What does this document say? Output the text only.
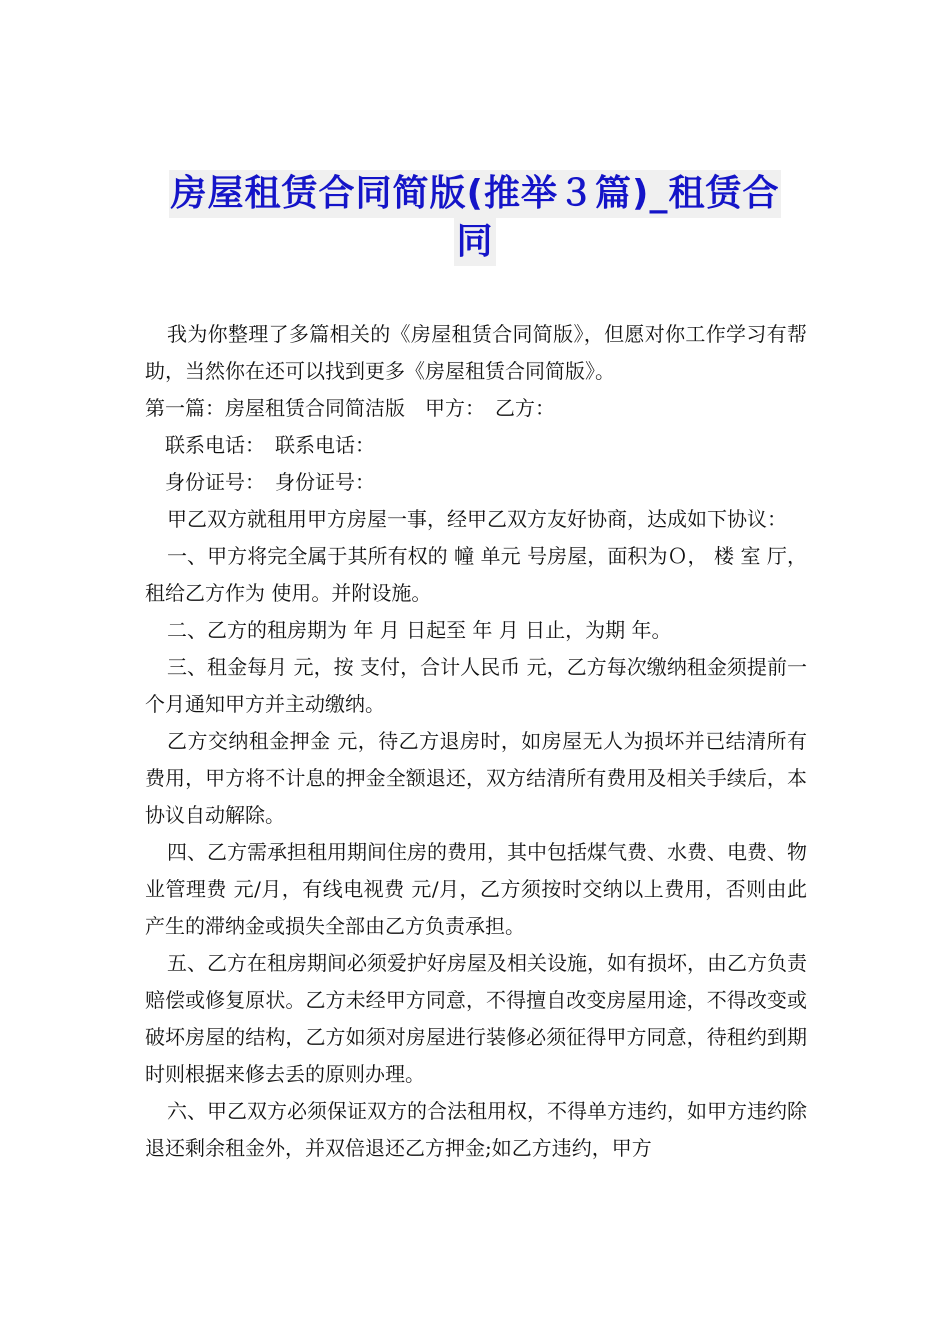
房屋租赁合同简版(推举３篇)_租赁合
同

我为你整理了多篇相关的《房屋租赁合同简版》，但愿对你工作学习有帮助，当然你在还可以找到更多《房屋租赁合同简版》。

第一篇：房屋租赁合同简洁版　甲方：　乙方：

联系电话：　联系电话：

身份证号：　身份证号：

甲乙双方就租用甲方房屋一事，经甲乙双方友好协商，达成如下协议：

一、甲方将完全属于其所有权的 幢 单元 号房屋，面积为Ｏ， 楼 室 厅，租给乙方作为 使用。并附设施。

二、乙方的租房期为 年 月 日起至 年 月 日止，为期 年。

三、租金每月 元，按 支付，合计人民币 元，乙方每次缴纳租金须提前一个月通知甲方并主动缴纳。

乙方交纳租金押金 元，待乙方退房时，如房屋无人为损坏并已结清所有费用，甲方将不计息的押金全额退还，双方结清所有费用及相关手续后，本协议自动解除。

四、乙方需承担租用期间住房的费用，其中包括煤气费、水费、电费、物业管理费 元/月，有线电视费 元/月，乙方须按时交纳以上费用，否则由此产生的滞纳金或损失全部由乙方负责承担。

五、乙方在租房期间必须爱护好房屋及相关设施，如有损坏，由乙方负责赔偿或修复原状。乙方未经甲方同意，不得擅自改变房屋用途，不得改变或破坏房屋的结构，乙方如须对房屋进行装修必须征得甲方同意，待租约到期时则根据来修去丢的原则办理。

六、甲乙双方必须保证双方的合法租用权，不得单方违约，如甲方违约除退还剩余租金外，并双倍退还乙方押金;如乙方违约，甲方
